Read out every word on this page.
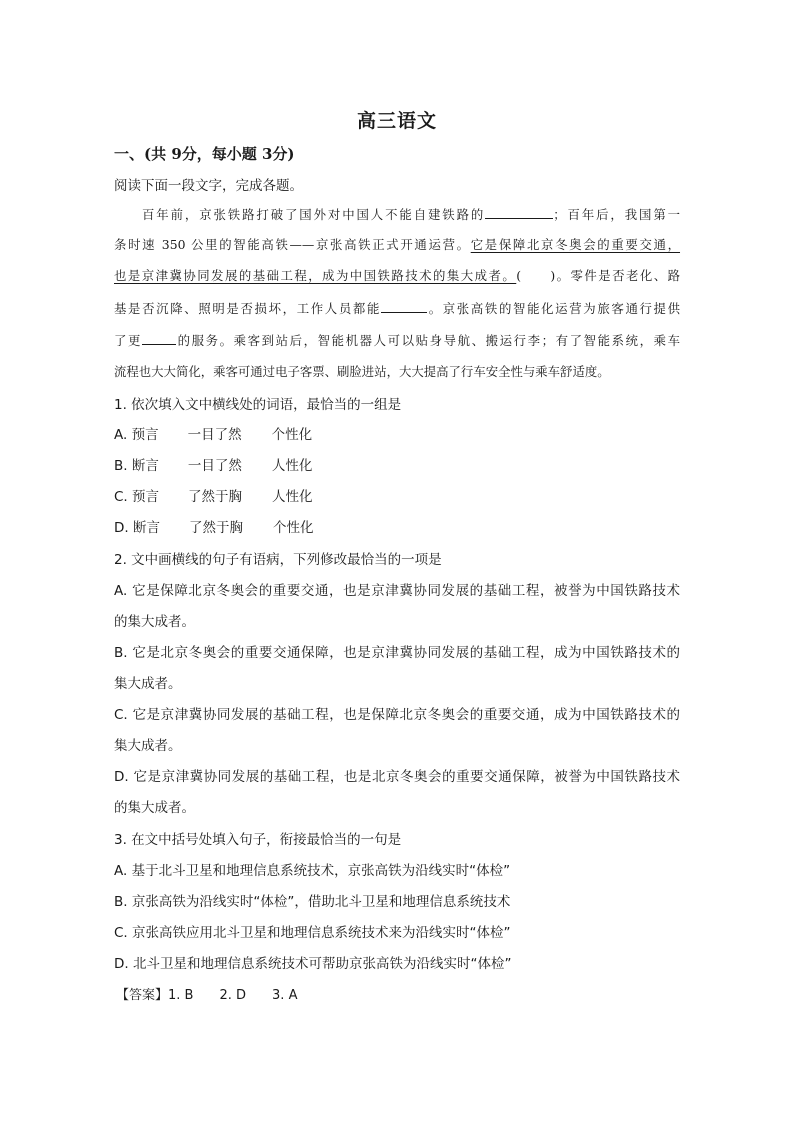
高三语文
一、(共 9分，每小题 3分)
阅读下面一段文字，完成各题。
百年前，京张铁路打破了国外对中国人不能自建铁路的	；百年后，我国第一
条时速 350 公里的智能高铁——京张高铁正式开通运营。它是保障北京冬奥会的重要交通，
也是京津冀协同发展的基础工程，成为中国铁路技术的集大成者。(　　)。零件是否老化、路
基是否沉降、照明是否损坏，工作人员都能	。京张高铁的智能化运营为旅客通行提供
了更	的服务。乘客到站后，智能机器人可以贴身导航、搬运行李；有了智能系统，乘车
流程也大大简化，乘客可通过电子客票、刷脸进站，大大提高了行车安全性与乘车舒适度。
1. 依次填入文中横线处的词语，最恰当的一组是
A. 预言 一目了然 个性化
B. 断言 一目了然 人性化
C. 预言 了然于胸 人性化
D. 断言 了然于胸 个性化
2. 文中画横线的句子有语病，下列修改最恰当的一项是
A. 它是保障北京冬奥会的重要交通，也是京津冀协同发展的基础工程，被誉为中国铁路技术
的集大成者。
B. 它是北京冬奥会的重要交通保障，也是京津冀协同发展的基础工程，成为中国铁路技术的
集大成者。
C. 它是京津冀协同发展的基础工程，也是保障北京冬奥会的重要交通，成为中国铁路技术的
集大成者。
D. 它是京津冀协同发展的基础工程，也是北京冬奥会的重要交通保障，被誉为中国铁路技术
的集大成者。
3. 在文中括号处填入句子，衔接最恰当的一句是
A. 基于北斗卫星和地理信息系统技术，京张高铁为沿线实时“体检”
B. 京张高铁为沿线实时“体检”，借助北斗卫星和地理信息系统技术
C. 京张高铁应用北斗卫星和地理信息系统技术来为沿线实时“体检”
D. 北斗卫星和地理信息系统技术可帮助京张高铁为沿线实时“体检”
【答案】1. B 2. D 3. A
